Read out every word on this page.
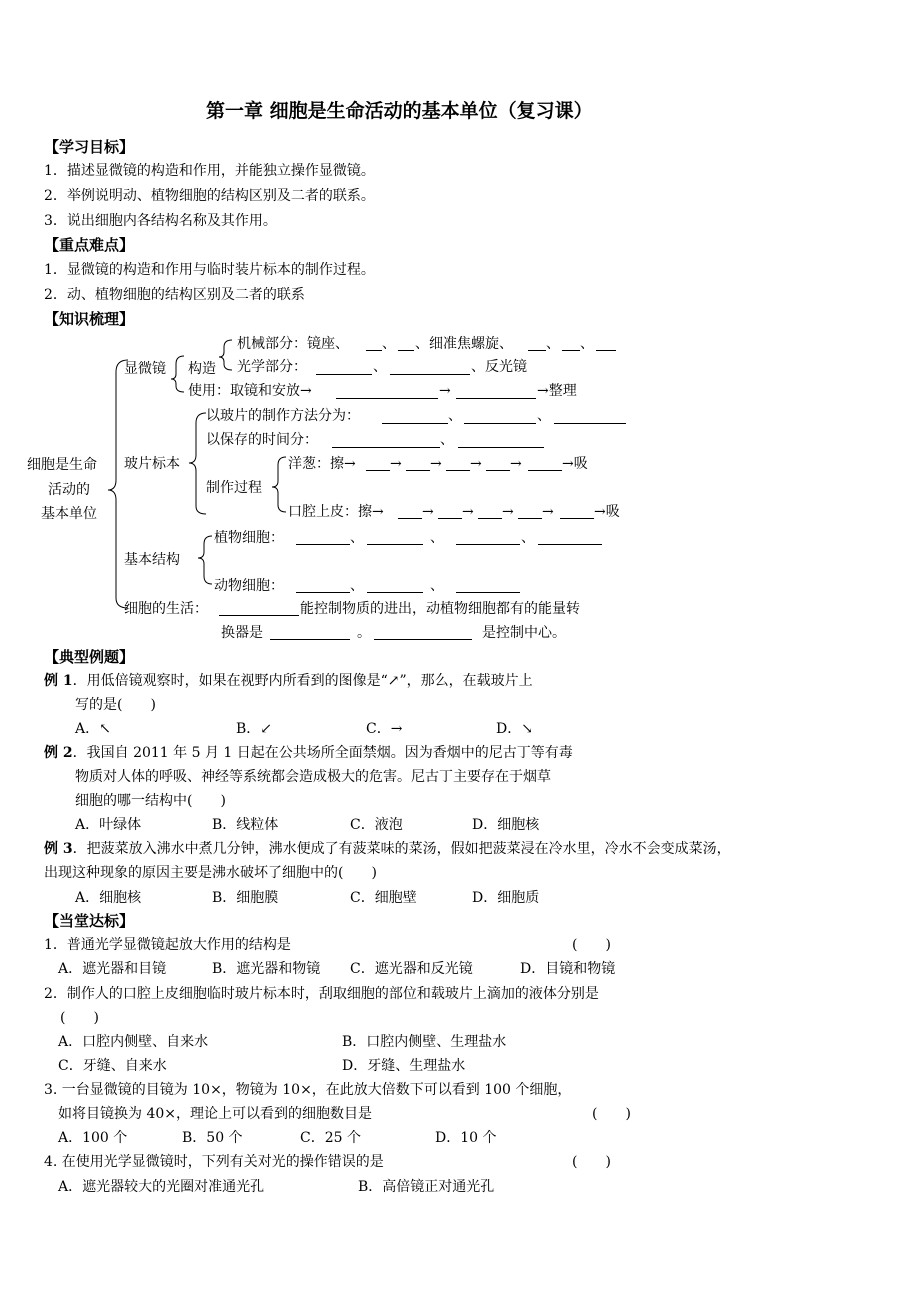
第一章 细胞是生命活动的基本单位（复习课）
【学习目标】
1．描述显微镜的构造和作用，并能独立操作显微镜。
2．举例说明动、植物细胞的结构区别及二者的联系。
3．说出细胞内各结构名称及其作用。
【重点难点】
1．显微镜的构造和作用与临时装片标本的制作过程。
2．动、植物细胞的结构区别及二者的联系
【知识梳理】
细胞是生命
活动的
基本单位
显微镜 构造
机械部分：镜座、 、 、细准焦螺旋、 、 、
光学部分：	、	、反光镜
使用：取镜和安放→	→	→整理
玻片标本
以玻片的制作方法分为：	、	、
以保存的时间分：	、
制作过程
洋葱：擦→ → → → →	→吸
口腔上皮：擦→	→ → → →	→吸
基本结构
植物细胞：	、	、	、
动物细胞：	、	、
细胞的生活：	能控制物质的进出，动植物细胞都有的能量转
换器是	。	是控制中心。
【典型例题】
例 1．用低倍镜观察时，如果在视野内所看到的图像是“↗”，那么，在载玻片上
写的是(　　)
A．↖	B．↙	C．→	D．↘
例 2．我国自 2011 年 5 月 1 日起在公共场所全面禁烟。因为香烟中的尼古丁等有毒
物质对人体的呼吸、神经等系统都会造成极大的危害。尼古丁主要存在于烟草
细胞的哪一结构中(　　)
A．叶绿体	B．线粒体	C．液泡	D．细胞核
例 3．把菠菜放入沸水中煮几分钟，沸水便成了有菠菜味的菜汤，假如把菠菜浸在冷水里，冷水不会变成菜汤，
出现这种现象的原因主要是沸水破坏了细胞中的(　　)
A．细胞核	B．细胞膜	C．细胞壁	D．细胞质
【当堂达标】
1．普通光学显微镜起放大作用的结构是	(　　)
A．遮光器和目镜	B．遮光器和物镜 C．遮光器和反光镜	D．目镜和物镜
2．制作人的口腔上皮细胞临时玻片标本时，刮取细胞的部位和载玻片上滴加的液体分别是
(　　)
A．口腔内侧壁、自来水	B．口腔内侧壁、生理盐水
C．牙缝、自来水	D．牙缝、生理盐水
3. 一台显微镜的目镜为 10×，物镜为 10×，在此放大倍数下可以看到 100 个细胞，
如将目镜换为 40×，理论上可以看到的细胞数目是	(　　)
A．100 个	B．50 个	C．25 个	D．10 个
4. 在使用光学显微镜时，下列有关对光的操作错误的是	(　　)
A．遮光器较大的光圈对准通光孔	B．高倍镜正对通光孔
